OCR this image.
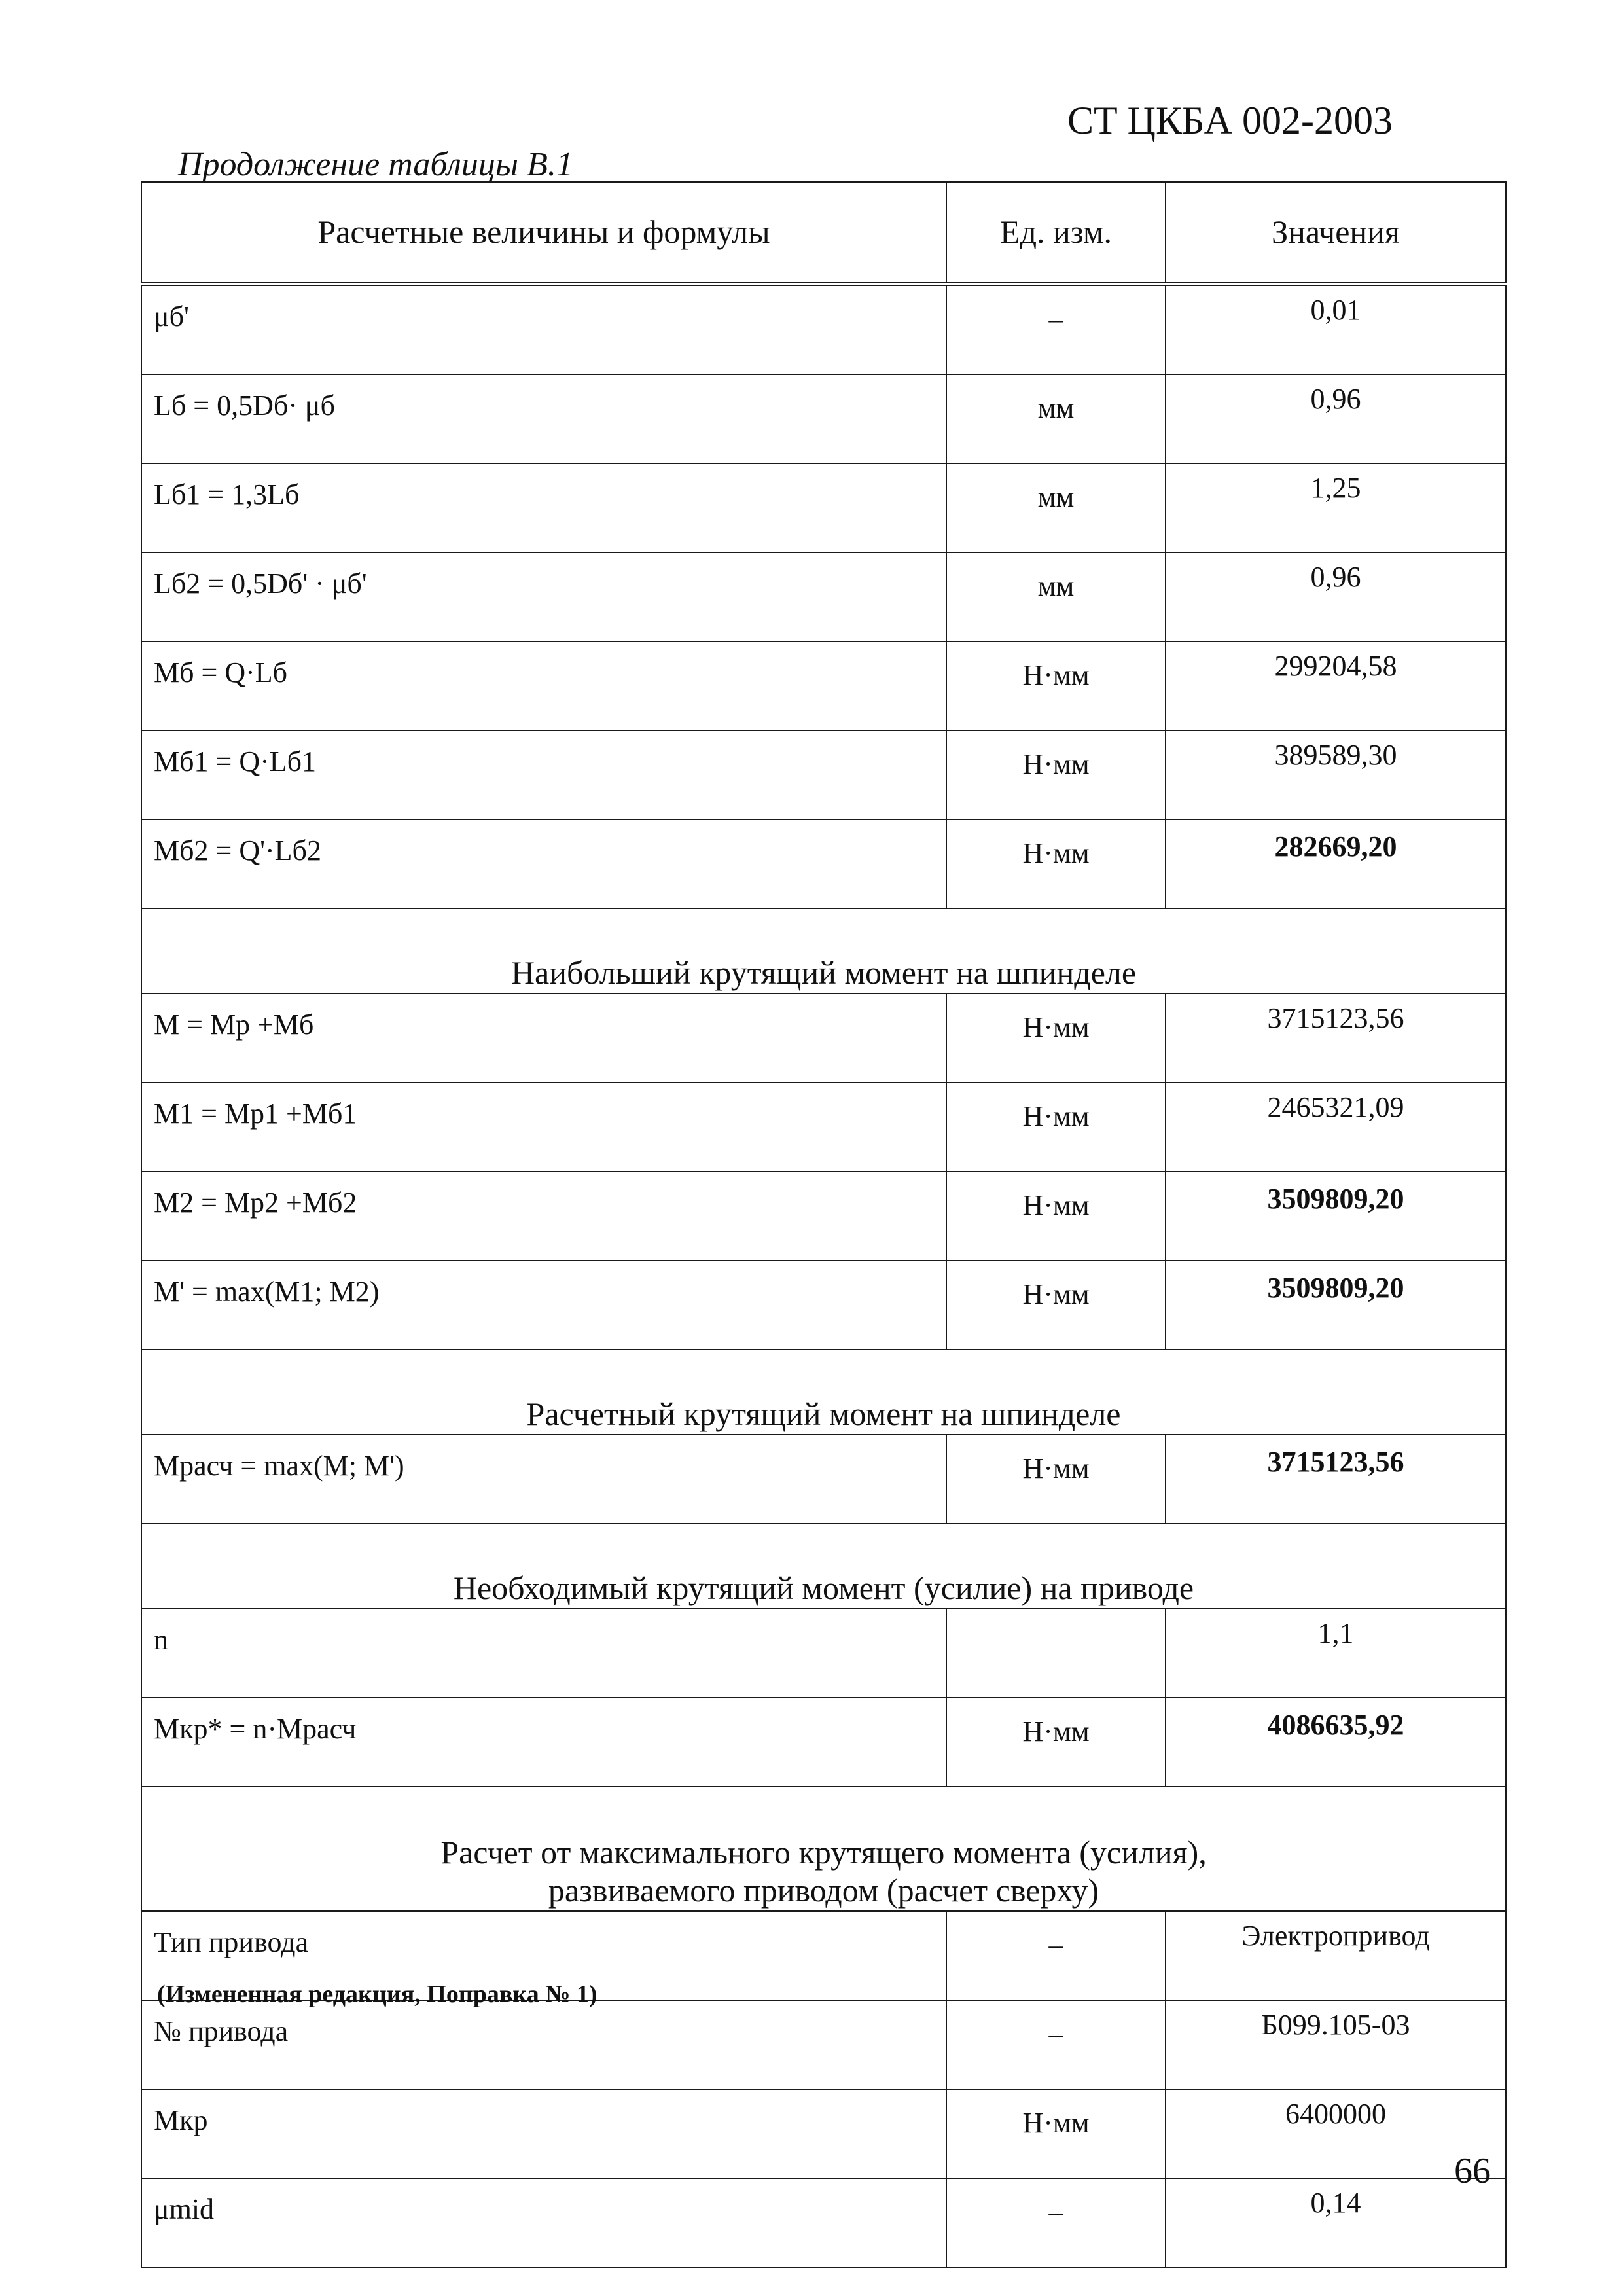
СТ ЦКБА 002-2003
Продолжение таблицы В.1
Расчетные величины и формулы	Ед. изм.	Значения
μб'	–	0,01
Lб = 0,5Dб· μб	мм	0,96
Lб1 = 1,3Lб	мм	1,25
Lб2 = 0,5Dб' · μб'	мм	0,96
Мб = Q·Lб	Н·мм	299204,58
Мб1 = Q·Lб1	Н·мм	389589,30
Мб2 = Q'·Lб2	Н·мм	282669,20
Наибольший крутящий момент на шпинделе		
М = Мр +Мб	Н·мм	3715123,56
М1 = Мр1 +Мб1	Н·мм	2465321,09
М2 = Мр2 +Мб2	Н·мм	3509809,20
М' = max(М1; М2)	Н·мм	3509809,20
Расчетный крутящий момент на шпинделе		
Мрасч = max(М; М')	Н·мм	3715123,56
Необходимый крутящий момент (усилие) на приводе		
n		1,1
Мкр* = n·Мрасч	Н·мм	4086635,92

Расчет от максимального крутящего момента (усилия),
развиваемого приводом (расчет сверху)		

Тип привода	–	Электропривод
№ привода	–	Б099.105-03
Мкр	Н·мм	6400000
μmid	–	0,14
(Измененная редакция, Поправка № 1)
66
